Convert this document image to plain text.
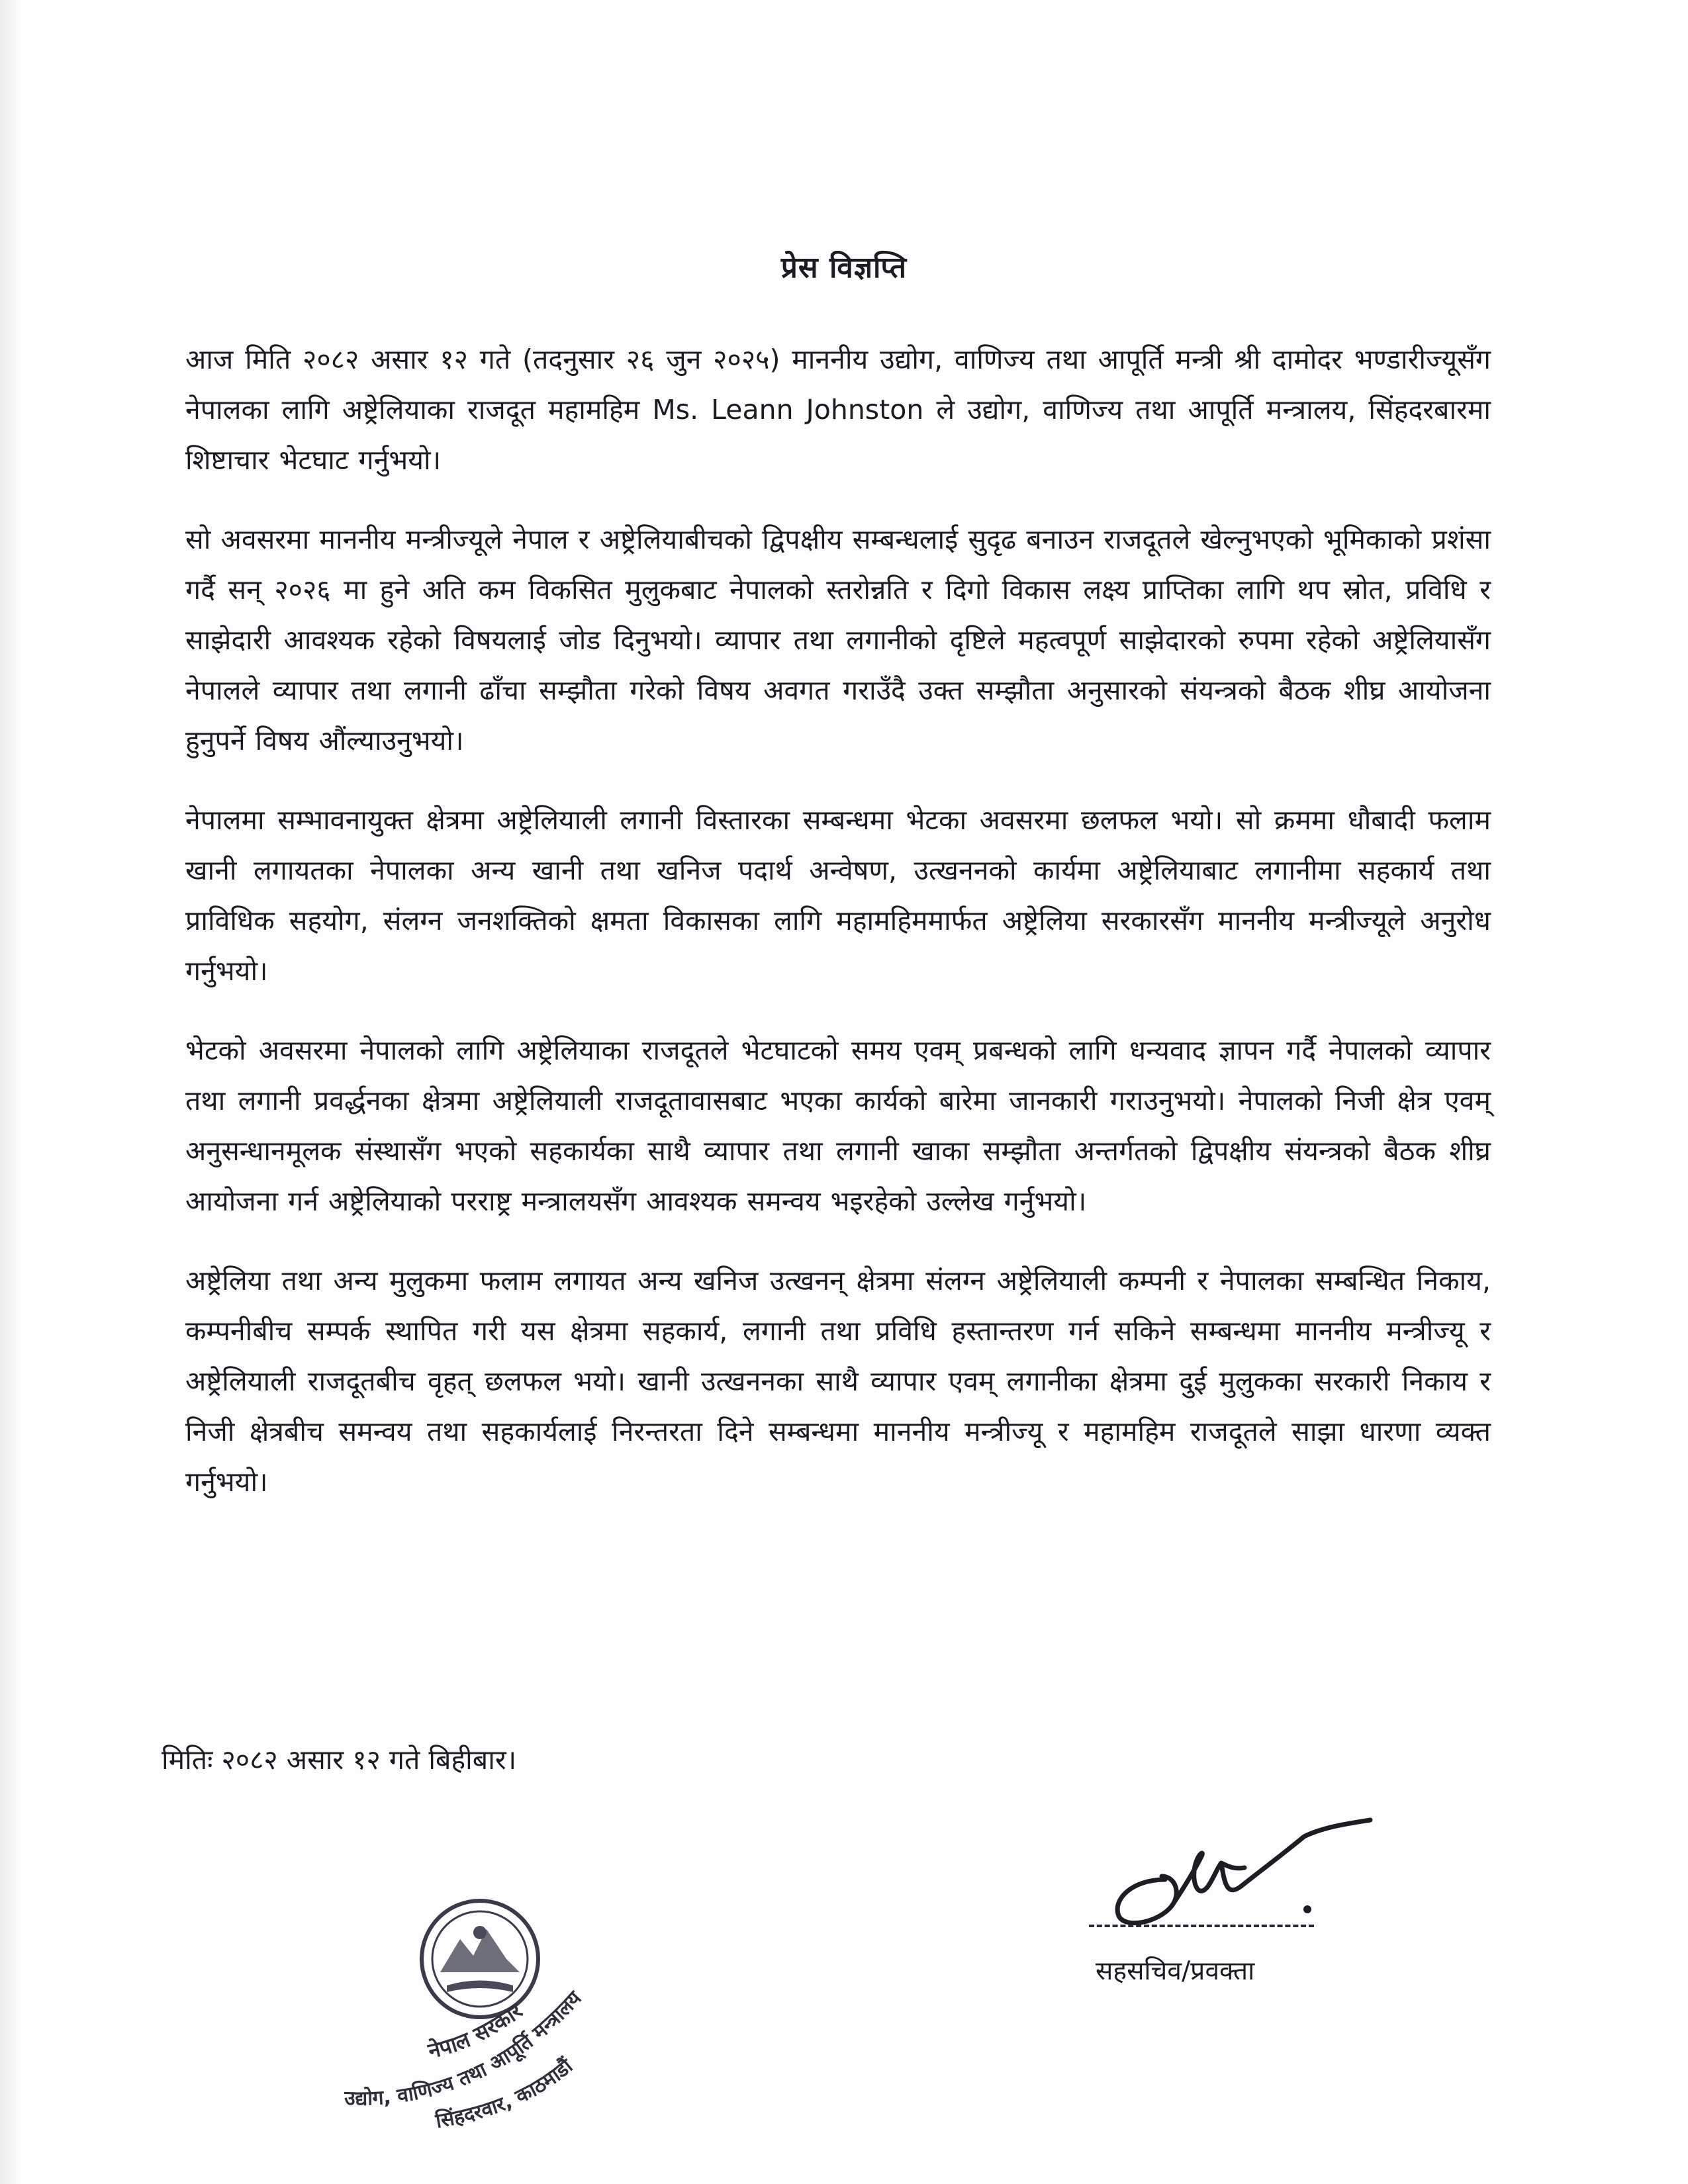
प्रेस विज्ञप्ति

आज मिति २०८२ असार १२ गते (तदनुसार २६ जुन २०२५) माननीय उद्योग, वाणिज्य तथा आपूर्ति मन्त्री श्री दामोदर भण्डारीज्यूसँग नेपालका लागि अष्ट्रेलियाका राजदूत महामहिम Ms. Leann Johnston ले उद्योग, वाणिज्य तथा आपूर्ति मन्त्रालय, सिंहदरबारमा शिष्टाचार भेटघाट गर्नुभयो।

सो अवसरमा माननीय मन्त्रीज्यूले नेपाल र अष्ट्रेलियाबीचको द्विपक्षीय सम्बन्धलाई सुदृढ बनाउन राजदूतले खेल्नुभएको भूमिकाको प्रशंसा गर्दै सन् २०२६ मा हुने अति कम विकसित मुलुकबाट नेपालको स्तरोन्नति र दिगो विकास लक्ष्य प्राप्तिका लागि थप स्रोत, प्रविधि र साझेदारी आवश्यक रहेको विषयलाई जोड दिनुभयो। व्यापार तथा लगानीको दृष्टिले महत्वपूर्ण साझेदारको रुपमा रहेको अष्ट्रेलियासँग नेपालले व्यापार तथा लगानी ढाँचा सम्झौता गरेको विषय अवगत गराउँदै उक्त सम्झौता अनुसारको संयन्त्रको बैठक शीघ्र आयोजना हुनुपर्ने विषय औंल्याउनुभयो।

नेपालमा सम्भावनायुक्त क्षेत्रमा अष्ट्रेलियाली लगानी विस्तारका सम्बन्धमा भेटका अवसरमा छलफल भयो। सो क्रममा धौबादी फलाम खानी लगायतका नेपालका अन्य खानी तथा खनिज पदार्थ अन्वेषण, उत्खननको कार्यमा अष्ट्रेलियाबाट लगानीमा सहकार्य तथा प्राविधिक सहयोग, संलग्न जनशक्तिको क्षमता विकासका लागि महामहिममार्फत अष्ट्रेलिया सरकारसँग माननीय मन्त्रीज्यूले अनुरोध गर्नुभयो।

भेटको अवसरमा नेपालको लागि अष्ट्रेलियाका राजदूतले भेटघाटको समय एवम् प्रबन्धको लागि धन्यवाद ज्ञापन गर्दै नेपालको व्यापार तथा लगानी प्रवर्द्धनका क्षेत्रमा अष्ट्रेलियाली राजदूतावासबाट भएका कार्यको बारेमा जानकारी गराउनुभयो। नेपालको निजी क्षेत्र एवम् अनुसन्धानमूलक संस्थासँग भएको सहकार्यका साथै व्यापार तथा लगानी खाका सम्झौता अन्तर्गतको द्विपक्षीय संयन्त्रको बैठक शीघ्र आयोजना गर्न अष्ट्रेलियाको परराष्ट्र मन्त्रालयसँग आवश्यक समन्वय भइरहेको उल्लेख गर्नुभयो।

अष्ट्रेलिया तथा अन्य मुलुकमा फलाम लगायत अन्य खनिज उत्खनन् क्षेत्रमा संलग्न अष्ट्रेलियाली कम्पनी र नेपालका सम्बन्धित निकाय, कम्पनीबीच सम्पर्क स्थापित गरी यस क्षेत्रमा सहकार्य, लगानी तथा प्रविधि हस्तान्तरण गर्न सकिने सम्बन्धमा माननीय मन्त्रीज्यू र अष्ट्रेलियाली राजदूतबीच वृहत् छलफल भयो। खानी उत्खननका साथै व्यापार एवम् लगानीका क्षेत्रमा दुई मुलुकका सरकारी निकाय र निजी क्षेत्रबीच समन्वय तथा सहकार्यलाई निरन्तरता दिने सम्बन्धमा माननीय मन्त्रीज्यू र महामहिम राजदूतले साझा धारणा व्यक्त गर्नुभयो।

मितिः २०८२ असार १२ गते बिहीबार।
सहसचिव/प्रवक्ता
नेपाल सरकार
उद्योग, वाणिज्य तथा आपूर्ति मन्त्रालय
सिंहदरवार, काठमाडौं
